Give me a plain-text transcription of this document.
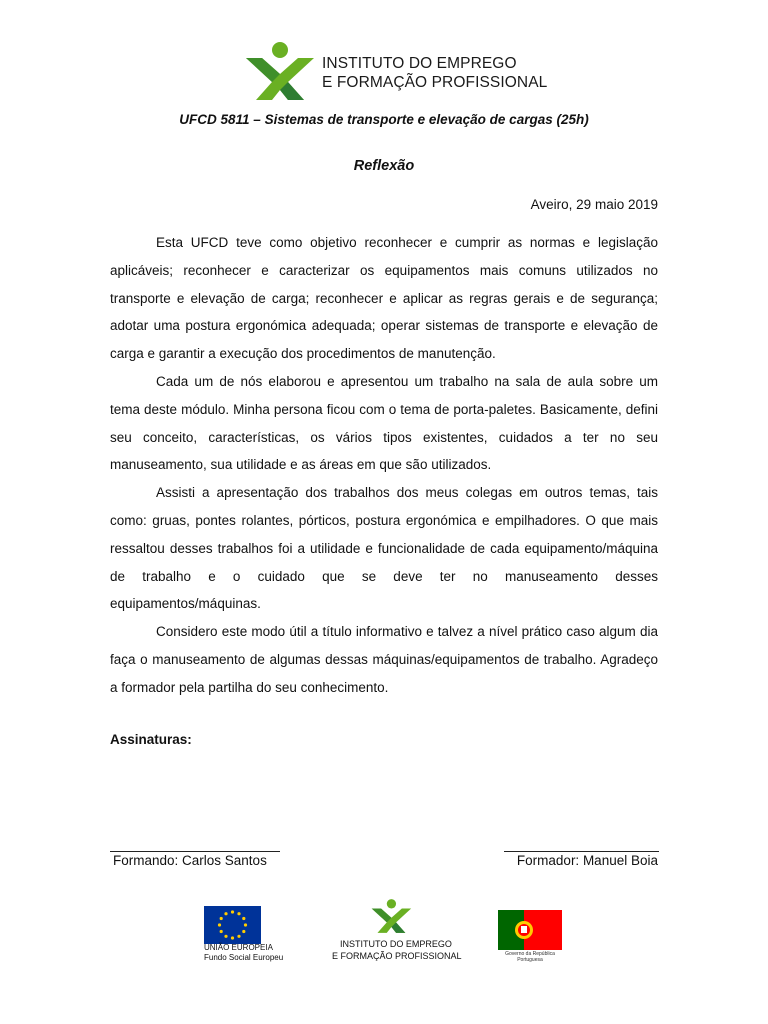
INSTITUTO DO EMPREGO
E FORMAÇÃO PROFISSIONAL
UFCD 5811 – Sistemas de transporte e elevação de cargas (25h)
Reflexão
Aveiro, 29 maio 2019

Esta UFCD teve como objetivo reconhecer e cumprir as normas e legislação aplicáveis; reconhecer e caracterizar os equipamentos mais comuns utilizados no transporte e elevação de carga; reconhecer e aplicar as regras gerais e de segurança; adotar uma postura ergonómica adequada; operar sistemas de transporte e elevação de carga e garantir a execução dos procedimentos de manutenção.

Cada um de nós elaborou e apresentou um trabalho na sala de aula sobre um tema deste módulo. Minha persona ficou com o tema de porta-paletes. Basicamente, defini seu conceito, características, os vários tipos existentes, cuidados a ter no seu manuseamento, sua utilidade e as áreas em que são utilizados.

Assisti a apresentação dos trabalhos dos meus colegas em outros temas, tais como: gruas, pontes rolantes, pórticos, postura ergonómica e empilhadores. O que mais ressaltou desses trabalhos foi a utilidade e funcionalidade de cada equipamento/máquina de trabalho e o cuidado que se deve ter no manuseamento desses equipamentos/máquinas.

Considero este modo útil a título informativo e talvez a nível prático caso algum dia faça o manuseamento de algumas dessas máquinas/equipamentos de trabalho. Agradeço a formador pela partilha do seu conhecimento.

Assinaturas:
Formando: Carlos Santos	Formador: Manuel Boia
UNIÃO EUROPEIA
Fundo Social Europeu
INSTITUTO DO EMPREGO
E FORMAÇÃO PROFISSIONAL	Governo da República
Portuguesa
